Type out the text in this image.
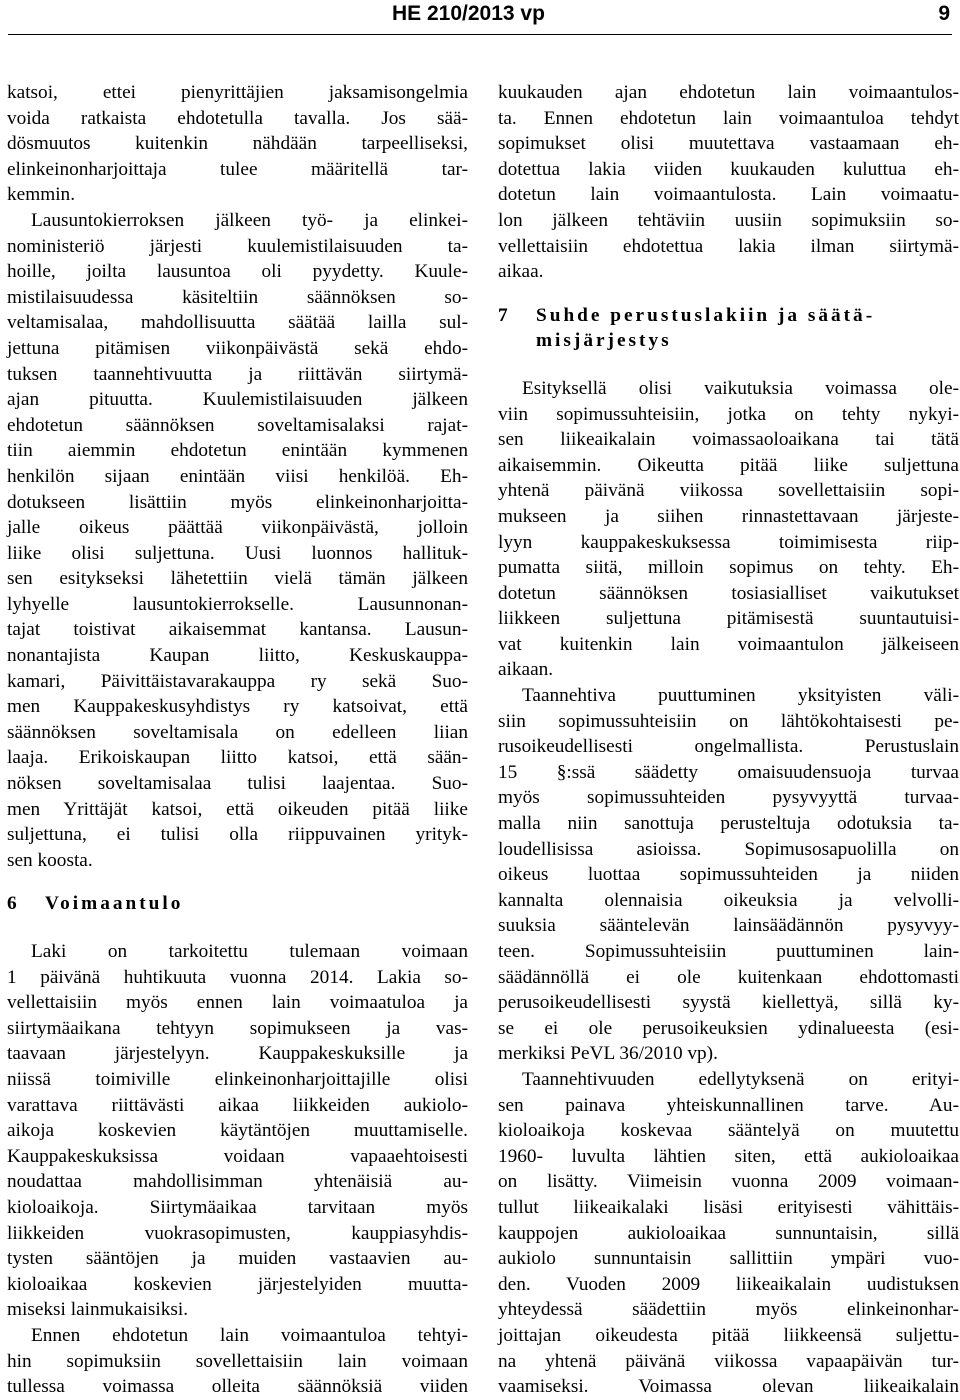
HE 210/2013 vp	9
katsoi, ettei pienyrittäjien jaksamisongelmia
voida ratkaista ehdotetulla tavalla. Jos sää-
dösmuutos kuitenkin nähdään tarpeelliseksi,
elinkeinonharjoittaja tulee määritellä tar-
kemmin.
Lausuntokierroksen jälkeen työ- ja elinkei-
noministeriö järjesti kuulemistilaisuuden ta-
hoille, joilta lausuntoa oli pyydetty. Kuule-
mistilaisuudessa käsiteltiin säännöksen so-
veltamisalaa, mahdollisuutta säätää lailla sul-
jettuna pitämisen viikonpäivästä sekä ehdo-
tuksen taannehtivuutta ja riittävän siirtymä-
ajan pituutta. Kuulemistilaisuuden jälkeen
ehdotetun säännöksen soveltamisalaksi rajat-
tiin aiemmin ehdotetun enintään kymmenen
henkilön sijaan enintään viisi henkilöä. Eh-
dotukseen lisättiin myös elinkeinonharjoitta-
jalle oikeus päättää viikonpäivästä, jolloin
liike olisi suljettuna. Uusi luonnos hallituk-
sen esitykseksi lähetettiin vielä tämän jälkeen
lyhyelle lausuntokierrokselle. Lausunnonan-
tajat toistivat aikaisemmat kantansa. Lausun-
nonantajista Kaupan liitto, Keskuskauppa-
kamari, Päivittäistavarakauppa ry sekä Suo-
men Kauppakeskusyhdistys ry katsoivat, että
säännöksen soveltamisala on edelleen liian
laaja. Erikoiskaupan liitto katsoi, että sään-
nöksen soveltamisalaa tulisi laajentaa. Suo-
men Yrittäjät katsoi, että oikeuden pitää liike
suljettuna, ei tulisi olla riippuvainen yrityk-
sen koosta.
6 Voimaantulo
Laki on tarkoitettu tulemaan voimaan
1 päivänä huhtikuuta vuonna 2014. Lakia so-
vellettaisiin myös ennen lain voimaatuloa ja
siirtymäaikana tehtyyn sopimukseen ja vas-
taavaan järjestelyyn. Kauppakeskuksille ja
niissä toimiville elinkeinonharjoittajille olisi
varattava riittävästi aikaa liikkeiden aukiolo-
aikoja koskevien käytäntöjen muuttamiselle.
Kauppakeskuksissa voidaan vapaaehtoisesti
noudattaa mahdollisimman yhtenäisiä au-
kioloaikoja. Siirtymäaikaa tarvitaan myös
liikkeiden vuokrasopimusten, kauppiasyhdis-
tysten sääntöjen ja muiden vastaavien au-
kioloaikaa koskevien järjestelyiden muutta-
miseksi lainmukaisiksi.
Ennen ehdotetun lain voimaantuloa tehtyi-
hin sopimuksiin sovellettaisiin lain voimaan
tullessa voimassa olleita säännöksiä viiden
kuukauden ajan ehdotetun lain voimaantulos-
ta. Ennen ehdotetun lain voimaantuloa tehdyt
sopimukset olisi muutettava vastaamaan eh-
dotettua lakia viiden kuukauden kuluttua eh-
dotetun lain voimaantulosta. Lain voimaatu-
lon jälkeen tehtäviin uusiin sopimuksiin so-
vellettaisiin ehdotettua lakia ilman siirtymä-
aikaa.
7 Suhde perustuslakiin ja säätä-
misjärjestys
Esityksellä olisi vaikutuksia voimassa ole-
viin sopimussuhteisiin, jotka on tehty nykyi-
sen liikeaikalain voimassaoloaikana tai tätä
aikaisemmin. Oikeutta pitää liike suljettuna
yhtenä päivänä viikossa sovellettaisiin sopi-
mukseen ja siihen rinnastettavaan järjeste-
lyyn kauppakeskuksessa toimimisesta riip-
pumatta siitä, milloin sopimus on tehty. Eh-
dotetun säännöksen tosiasialliset vaikutukset
liikkeen suljettuna pitämisestä suuntautuisi-
vat kuitenkin lain voimaantulon jälkeiseen
aikaan.
Taannehtiva puuttuminen yksityisten väli-
siin sopimussuhteisiin on lähtökohtaisesti pe-
rusoikeudellisesti ongelmallista. Perustuslain
15 §:ssä säädetty omaisuudensuoja turvaa
myös sopimussuhteiden pysyvyyttä turvaa-
malla niin sanottuja perusteltuja odotuksia ta-
loudellisissa asioissa. Sopimusosapuolilla on
oikeus luottaa sopimussuhteiden ja niiden
kannalta olennaisia oikeuksia ja velvolli-
suuksia sääntelevän lainsäädännön pysyvyy-
teen. Sopimussuhteisiin puuttuminen lain-
säädännöllä ei ole kuitenkaan ehdottomasti
perusoikeudellisesti syystä kiellettyä, sillä ky-
se ei ole perusoikeuksien ydinalueesta (esi-
merkiksi PeVL 36/2010 vp).
Taannehtivuuden edellytyksenä on erityi-
sen painava yhteiskunnallinen tarve. Au-
kioloaikoja koskevaa sääntelyä on muutettu
1960- luvulta lähtien siten, että aukioloaikaa
on lisätty. Viimeisin vuonna 2009 voimaan-
tullut liikeaikalaki lisäsi erityisesti vähittäis-
kauppojen aukioloaikaa sunnuntaisin, sillä
aukiolo sunnuntaisin sallittiin ympäri vuo-
den. Vuoden 2009 liikeaikalain uudistuksen
yhteydessä säädettiin myös elinkeinonhar-
joittajan oikeudesta pitää liikkeensä suljettu-
na yhtenä päivänä viikossa vapaapäivän tur-
vaamiseksi. Voimassa olevan liikeaikalain
